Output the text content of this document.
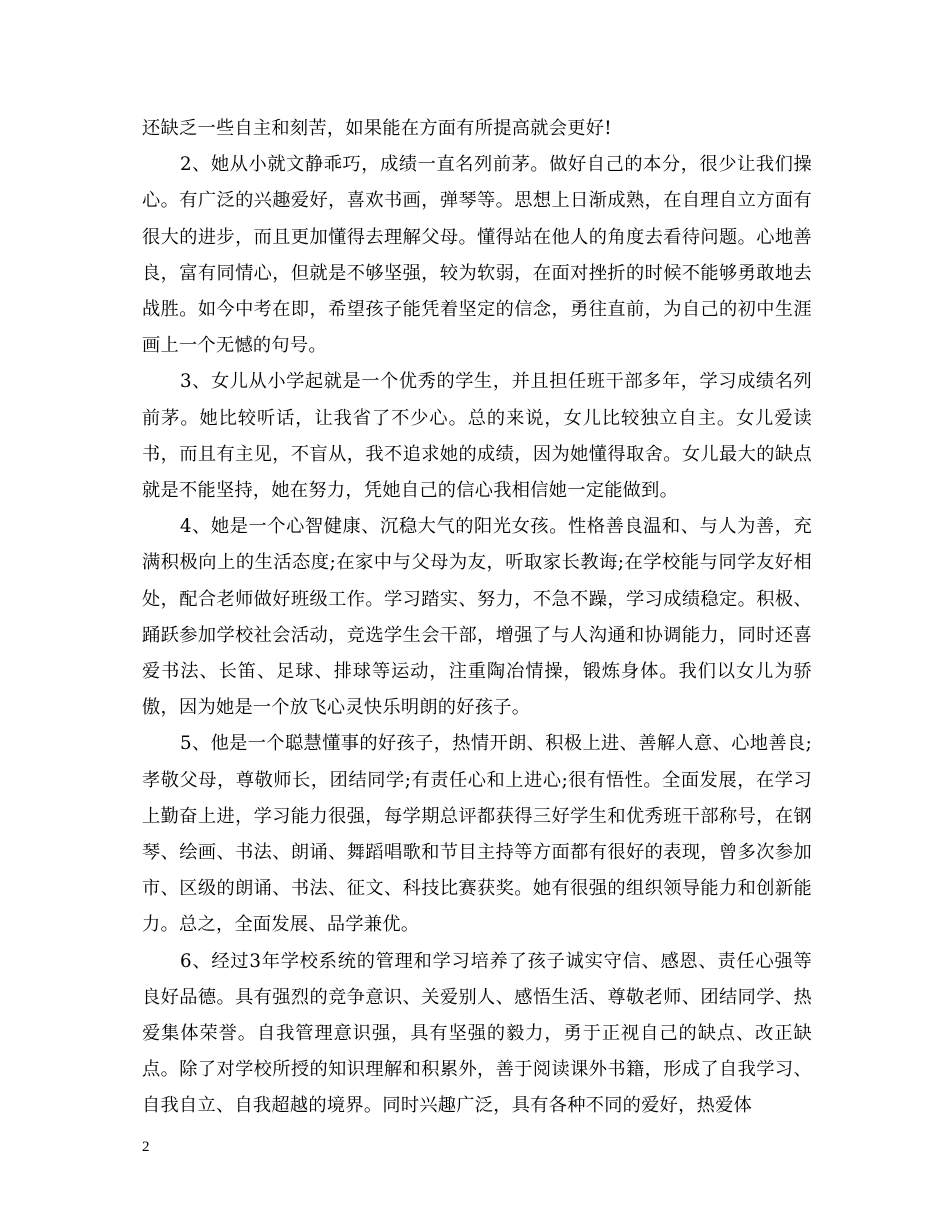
还缺乏一些自主和刻苦，如果能在方面有所提高就会更好!

2、她从小就文静乖巧，成绩一直名列前茅。做好自己的本分，很少让我们操心。有广泛的兴趣爱好，喜欢书画，弹琴等。思想上日渐成熟，在自理自立方面有很大的进步，而且更加懂得去理解父母。懂得站在他人的角度去看待问题。心地善良，富有同情心，但就是不够坚强，较为软弱，在面对挫折的时候不能够勇敢地去战胜。如今中考在即，希望孩子能凭着坚定的信念，勇往直前，为自己的初中生涯画上一个无憾的句号。

3、女儿从小学起就是一个优秀的学生，并且担任班干部多年，学习成绩名列前茅。她比较听话，让我省了不少心。总的来说，女儿比较独立自主。女儿爱读书，而且有主见，不盲从，我不追求她的成绩，因为她懂得取舍。女儿最大的缺点就是不能坚持，她在努力，凭她自己的信心我相信她一定能做到。

4、她是一个心智健康、沉稳大气的阳光女孩。性格善良温和、与人为善，充满积极向上的生活态度;在家中与父母为友，听取家长教诲;在学校能与同学友好相处，配合老师做好班级工作。学习踏实、努力，不急不躁，学习成绩稳定。积极、踊跃参加学校社会活动，竞选学生会干部，增强了与人沟通和协调能力，同时还喜爱书法、长笛、足球、排球等运动，注重陶冶情操，锻炼身体。我们以女儿为骄傲，因为她是一个放飞心灵快乐明朗的好孩子。

5、他是一个聪慧懂事的好孩子，热情开朗、积极上进、善解人意、心地善良;孝敬父母，尊敬师长，团结同学;有责任心和上进心;很有悟性。全面发展，在学习上勤奋上进，学习能力很强，每学期总评都获得三好学生和优秀班干部称号，在钢琴、绘画、书法、朗诵、舞蹈唱歌和节目主持等方面都有很好的表现，曾多次参加市、区级的朗诵、书法、征文、科技比赛获奖。她有很强的组织领导能力和创新能力。总之，全面发展、品学兼优。

6、经过3年学校系统的管理和学习培养了孩子诚实守信、感恩、责任心强等良好品德。具有强烈的竞争意识、关爱别人、感悟生活、尊敬老师、团结同学、热爱集体荣誉。自我管理意识强，具有坚强的毅力，勇于正视自己的缺点、改正缺点。除了对学校所授的知识理解和积累外，善于阅读课外书籍，形成了自我学习、自我自立、自我超越的境界。同时兴趣广泛，具有各种不同的爱好，热爱体

2
